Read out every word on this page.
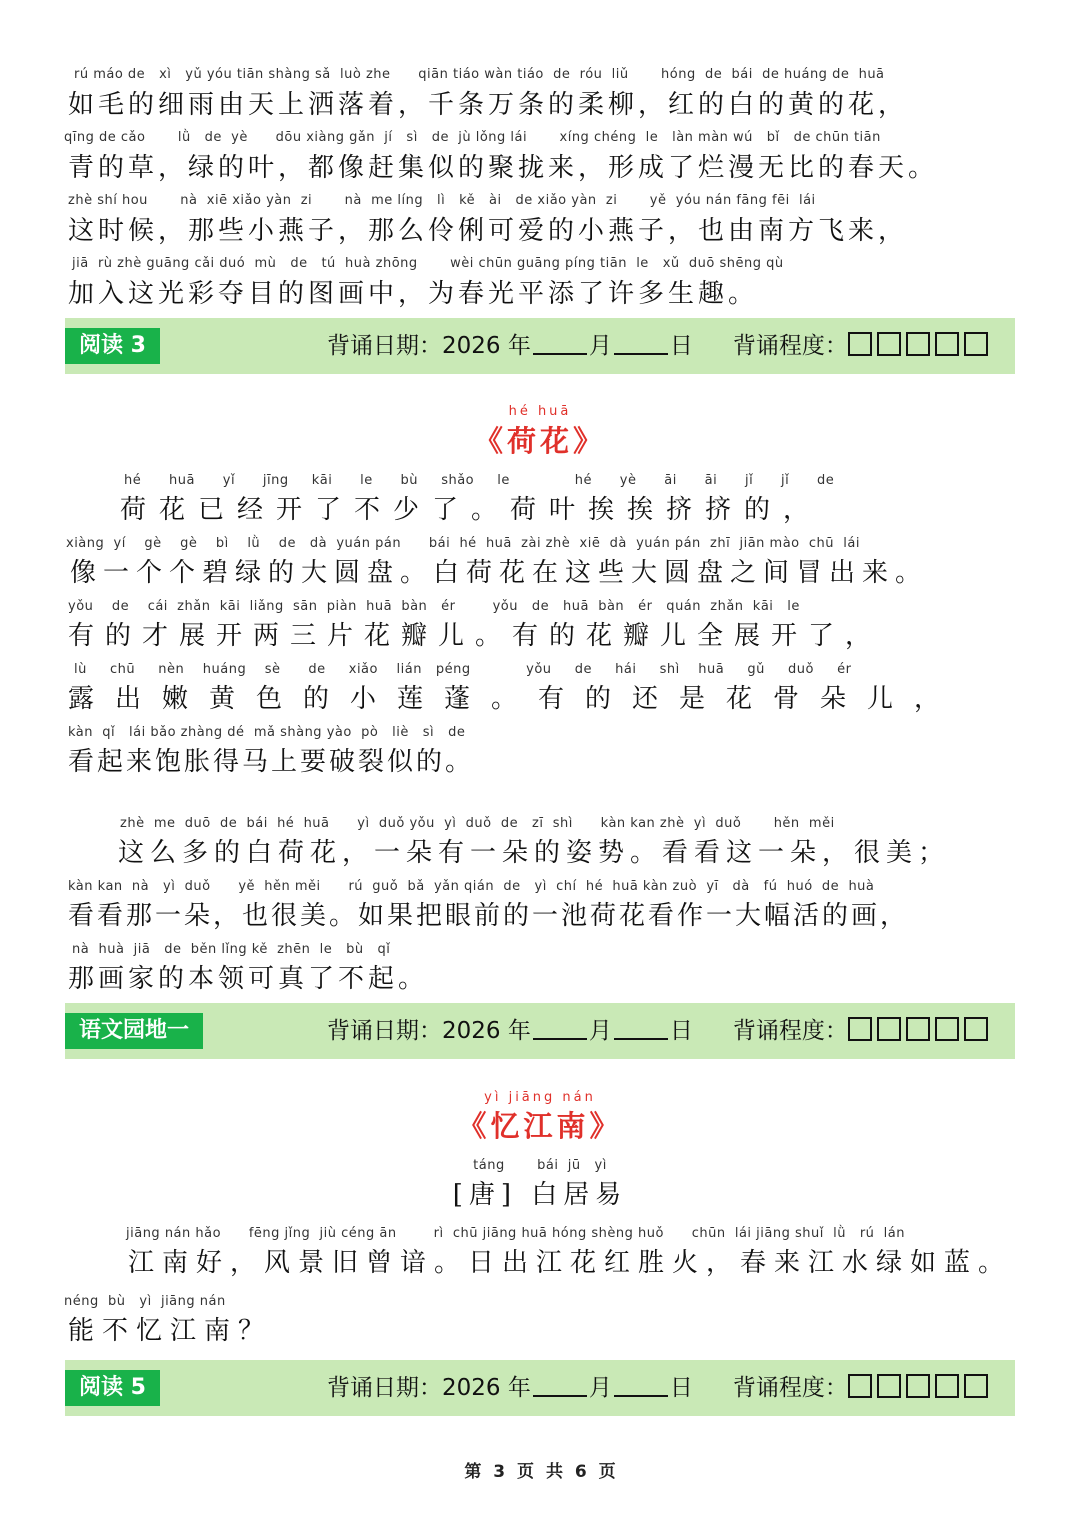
rú máo de   xì   yǔ yóu tiān shàng sǎ  luò zhe      qiān tiáo wàn tiáo  de  róu  liǔ       hóng  de  bái  de huáng de  huā
如毛的细雨由天上洒落着，千条万条的柔柳，红的白的黄的花，
qīng de cǎo       lǜ   de  yè      dōu xiàng gǎn  jí   sì   de  jù lǒng lái       xíng chéng  le   làn màn wú   bǐ   de chūn tiān
青的草，绿的叶，都像赶集似的聚拢来，形成了烂漫无比的春天。
zhè shí hou       nà  xiē xiǎo yàn  zi       nà  me líng   lì   kě   ài   de xiǎo yàn  zi       yě  yóu nán fāng fēi  lái
这时候，那些小燕子，那么伶俐可爱的小燕子，也由南方飞来，
jiā  rù zhè guāng cǎi duó  mù   de   tú  huà zhōng       wèi chūn guāng píng tiān  le   xǔ  duō shēng qù
加入这光彩夺目的图画中，为春光平添了许多生趣。
阅读 3	背诵日期：2026 年	月	日 背诵程度：
hé huā
《荷花》
hé      huā      yǐ      jīng     kāi      le      bù     shǎo     le              hé      yè      āi      āi      jǐ      jǐ      de
荷花已经开了不少了。荷叶挨挨挤挤的，
xiàng  yí    gè    gè    bì    lǜ    de   dà  yuán pán      bái  hé  huā  zài zhè  xiē  dà  yuán pán  zhī  jiān mào  chū  lái
像一个个碧绿的大圆盘。白荷花在这些大圆盘之间冒出来。
yǒu    de    cái  zhǎn  kāi  liǎng  sān  piàn  huā  bàn   ér        yǒu   de   huā  bàn   ér   quán  zhǎn  kāi   le
有的才展开两三片花瓣儿。有的花瓣儿全展开了，
lù     chū     nèn    huáng    sè      de     xiǎo    lián   péng            yǒu     de     hái     shì    huā     gǔ     duǒ     ér
露出嫩黄色的小莲蓬。有的还是花骨朵儿，
kàn  qǐ   lái bǎo zhàng dé  mǎ shàng yào  pò   liè   sì   de
看起来饱胀得马上要破裂似的。
zhè  me  duō  de  bái  hé  huā      yì  duǒ yǒu  yì  duǒ  de   zī  shì      kàn kan zhè  yì  duǒ       hěn  měi
这么多的白荷花，一朵有一朵的姿势。看看这一朵，很美；
kàn kan  nà   yì  duǒ      yě  hěn měi      rú  guǒ  bǎ  yǎn qián  de   yì  chí  hé  huā kàn zuò  yī   dà   fú  huó  de  huà
看看那一朵，也很美。如果把眼前的一池荷花看作一大幅活的画，
nà  huà  jiā   de  běn lǐng kě  zhēn  le   bù   qǐ
那画家的本领可真了不起。
语文园地一	背诵日期：2026 年	月	日 背诵程度：
yì jiāng nán
《忆江南》
táng       bái  jū   yì
[唐] 白居易
jiāng nán hǎo      fēng jǐng  jiù céng ān        rì  chū jiāng huā hóng shèng huǒ      chūn  lái jiāng shuǐ  lǜ   rú  lán
江南好，风景旧曾谙。日出江花红胜火，春来江水绿如蓝。
néng  bù   yì  jiāng nán
能不忆江南？
阅读 5	背诵日期：2026 年	月	日 背诵程度：
第 3 页 共 6 页
